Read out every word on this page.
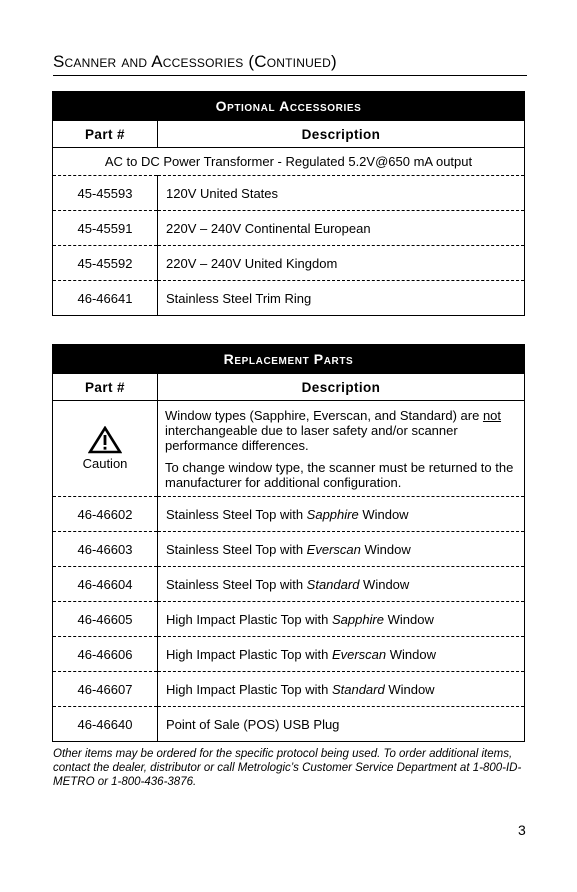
Scanner and Accessories (Continued)
Optional Accessories	
Part #	Description
AC to DC Power Transformer - Regulated 5.2V@650 mA output	
45-45593	120V United States
45-45591	220V – 240V Continental European
45-45592	220V – 240V United Kingdom
46-46641	Stainless Steel Trim Ring
Replacement Parts	
Part #	Description

Caution	Window types (Sapphire, Everscan, and Standard) are not interchangeable due to laser safety and/or scanner performance differences.

To change window type, the scanner must be returned to the manufacturer for additional configuration.

46-46602	Stainless Steel Top with Sapphire Window
46-46603	Stainless Steel Top with Everscan Window
46-46604	Stainless Steel Top with Standard Window
46-46605	High Impact Plastic Top with Sapphire Window
46-46606	High Impact Plastic Top with Everscan Window
46-46607	High Impact Plastic Top with Standard Window
46-46640	Point of Sale (POS) USB Plug
Other items may be ordered for the specific protocol being used. To order additional items, contact the dealer, distributor or call Metrologic’s Customer Service Department at 1-800-ID-METRO or 1-800-436-3876.
3
